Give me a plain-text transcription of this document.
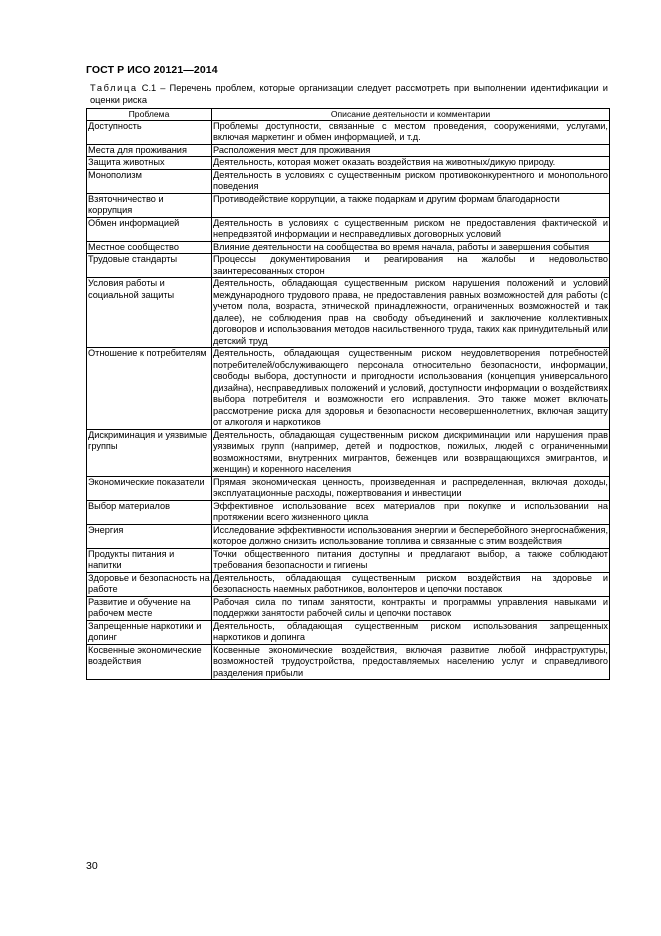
ГОСТ Р ИСО 20121—2014
Таблица С.1 – Перечень проблем, которые организации следует рассмотреть при выполнении идентификации и оценки риска
Проблема	Описание деятельности и комментарии
Доступность	Проблемы доступности, связанные с местом проведения, сооружениями, услугами, включая маркетинг и обмен информацией, и т.д.
Места для проживания	Расположения мест для проживания
Защита животных	Деятельность, которая может оказать воздействия на животных/дикую природу.
Монополизм	Деятельность в условиях с существенным риском противоконкурентного и монопольного поведения
Взяточничество и коррупция	Противодействие коррупции, а также подаркам и другим формам благодарности
Обмен информацией	Деятельность в условиях с существенным риском не предоставления фактической и непредвзятой информации и несправедливых договорных условий
Местное сообщество	Влияние деятельности на сообщества во время начала, работы и завершения события
Трудовые стандарты	Процессы документирования и реагирования на жалобы и недовольство заинтересованных сторон
Условия работы и социальной защиты	Деятельность, обладающая существенным риском нарушения положений и условий международного трудового права, не предоставления равных возможностей для работы (с учетом пола, возраста, этнической принадлежности, ограниченных возможностей и так далее), не соблюдения прав на свободу объединений и заключение коллективных договоров и использования методов насильственного труда, таких как принудительный или детский труд
Отношение к потребителям	Деятельность, обладающая существенным риском неудовлетворения потребностей потребителей/обслуживающего персонала относительно безопасности, информации, свободы выбора, доступности и пригодности использования (концепция универсального дизайна), несправедливых положений и условий, доступности информации о воздействиях выбора потребителя и возможности его исправления. Это также может включать рассмотрение риска для здоровья и безопасности несовершеннолетних, включая защиту от алкоголя и наркотиков
Дискриминация и уязвимые группы	Деятельность, обладающая существенным риском дискриминации или нарушения прав уязвимых групп (например, детей и подростков, пожилых, людей с ограниченными возможностями, внутренних мигрантов, беженцев или возвращающихся эмигрантов, и женщин) и коренного населения
Экономические показатели	Прямая экономическая ценность, произведенная и распределенная, включая доходы, эксплуатационные расходы, пожертвования и инвестиции
Выбор материалов	Эффективное использование всех материалов при покупке и использовании на протяжении всего жизненного цикла
Энергия	Исследование эффективности использования энергии и бесперебойного энергоснабжения, которое должно снизить использование топлива и связанные с этим воздействия
Продукты питания и напитки	Точки общественного питания доступны и предлагают выбор, а также соблюдают требования безопасности и гигиены
Здоровье и безопасность на работе	Деятельность, обладающая существенным риском воздействия на здоровье и безопасность наемных работников, волонтеров и цепочки поставок
Развитие и обучение на рабочем месте	Рабочая сила по типам занятости, контракты и программы управления навыками и поддержки занятости рабочей силы и цепочки поставок
Запрещенные наркотики и допинг	Деятельность, обладающая существенным риском использования запрещенных наркотиков и допинга
Косвенные экономические воздействия	Косвенные экономические воздействия, включая развитие любой инфраструктуры, возможностей трудоустройства, предоставляемых населению услуг и справедливого разделения прибыли
30
